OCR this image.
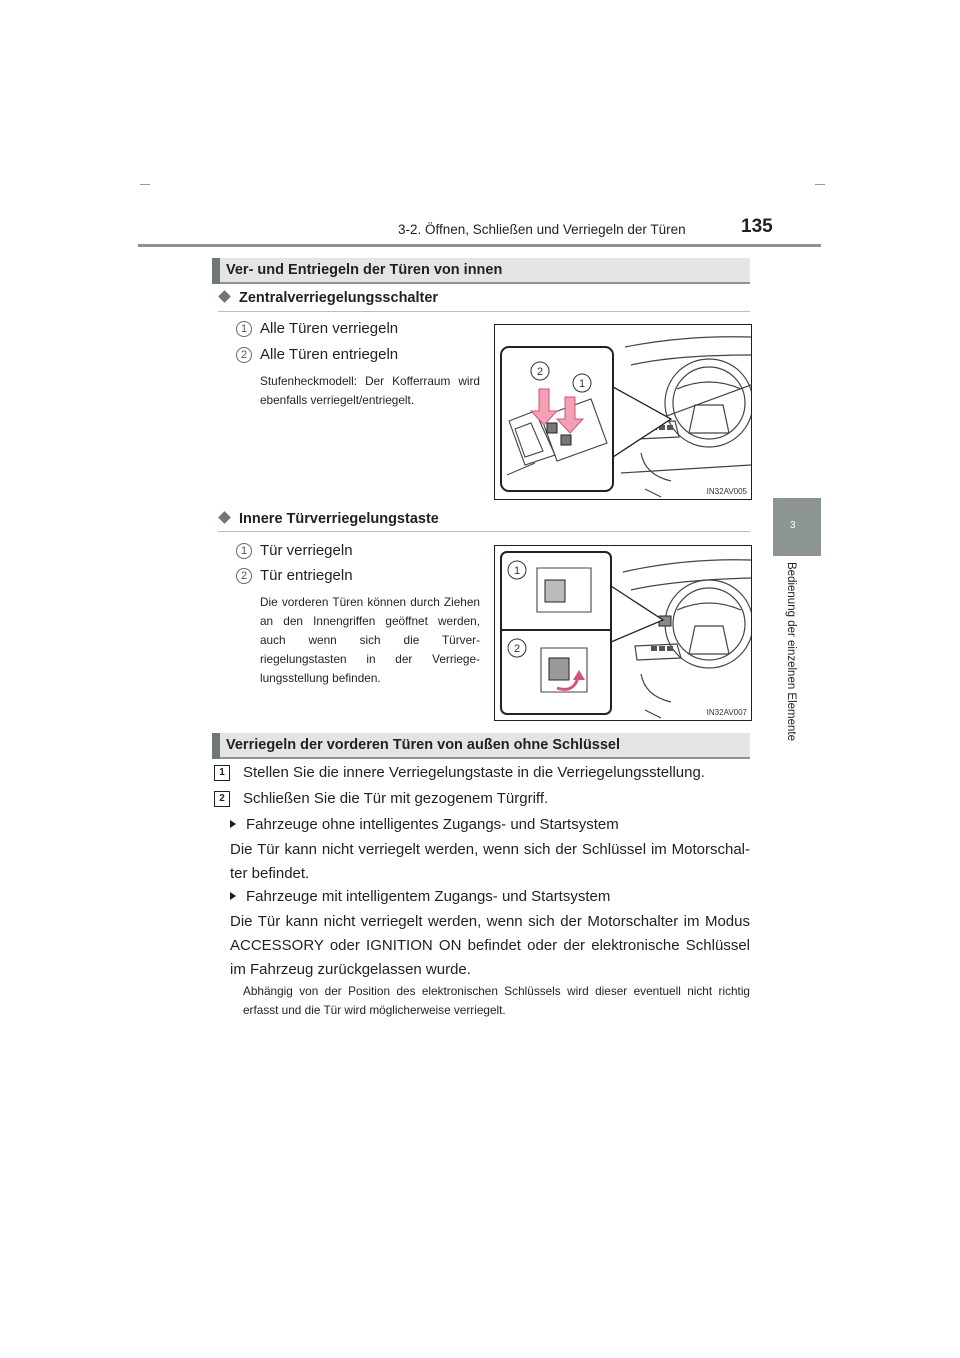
3-2. Öffnen, Schließen und Verriegeln der Türen	135
3
Bedienung der einzelnen Elemente
Ver- und Entriegeln der Türen von innen
Zentralverriegelungsschalter
1 Alle Türen verriegeln
2 Alle Türen entriegeln
Stufenheckmodell: Der Kofferraum wird ebenfalls verriegelt/entriegelt.
2
1
IN32AV005
Innere Türverriegelungstaste
1 Tür verriegeln
2 Tür entriegeln
Die vorderen Türen können durch Ziehen an den Innengriffen geöffnet werden, auch wenn sich die Türver-riegelungstasten in der Verriege-lungsstellung befinden.
1
2
IN32AV007
Verriegeln der vorderen Türen von außen ohne Schlüssel
1	Stellen Sie die innere Verriegelungstaste in die Verriegelungsstellung.
2	Schließen Sie die Tür mit gezogenem Türgriff.
Fahrzeuge ohne intelligentes Zugangs- und Startsystem
Die Tür kann nicht verriegelt werden, wenn sich der Schlüssel im Motorschal-ter befindet.
Fahrzeuge mit intelligentem Zugangs- und Startsystem
Die Tür kann nicht verriegelt werden, wenn sich der Motorschalter im Modus ACCESSORY oder IGNITION ON befindet oder der elektronische Schlüssel im Fahrzeug zurückgelassen wurde.
Abhängig von der Position des elektronischen Schlüssels wird dieser eventuell nicht richtig erfasst und die Tür wird möglicherweise verriegelt.
